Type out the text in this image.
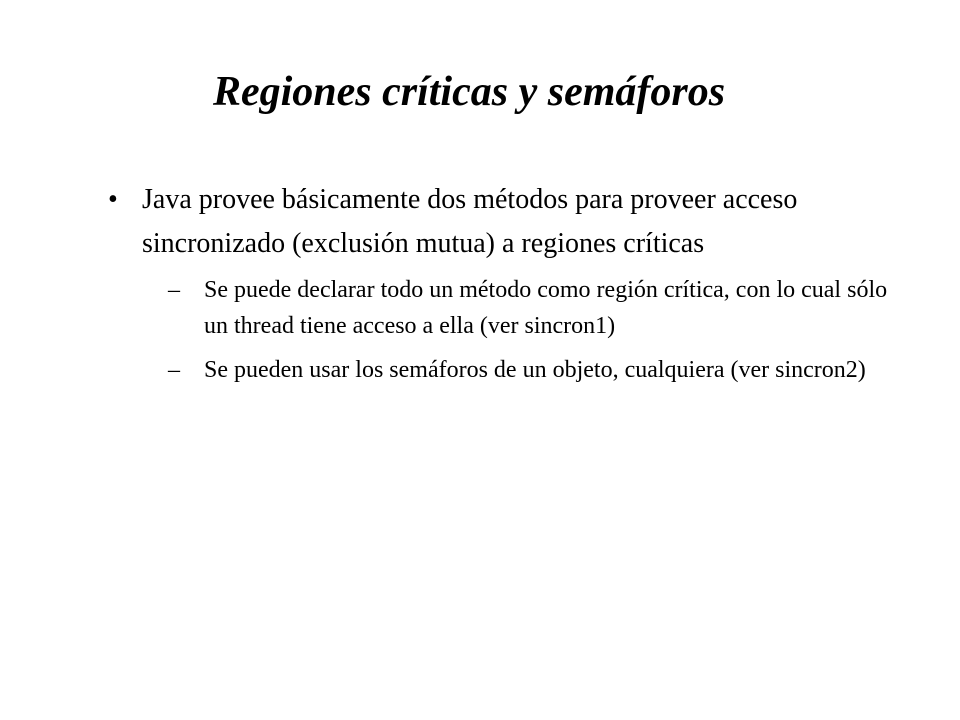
Regiones críticas y semáforos
• Java provee básicamente dos métodos para proveer acceso sincronizado (exclusión mutua) a regiones críticas
– Se puede declarar todo un método como región crítica, con lo cual sólo un thread tiene acceso a ella (ver sincron1)
– Se pueden usar los semáforos de un objeto, cualquiera (ver sincron2)
